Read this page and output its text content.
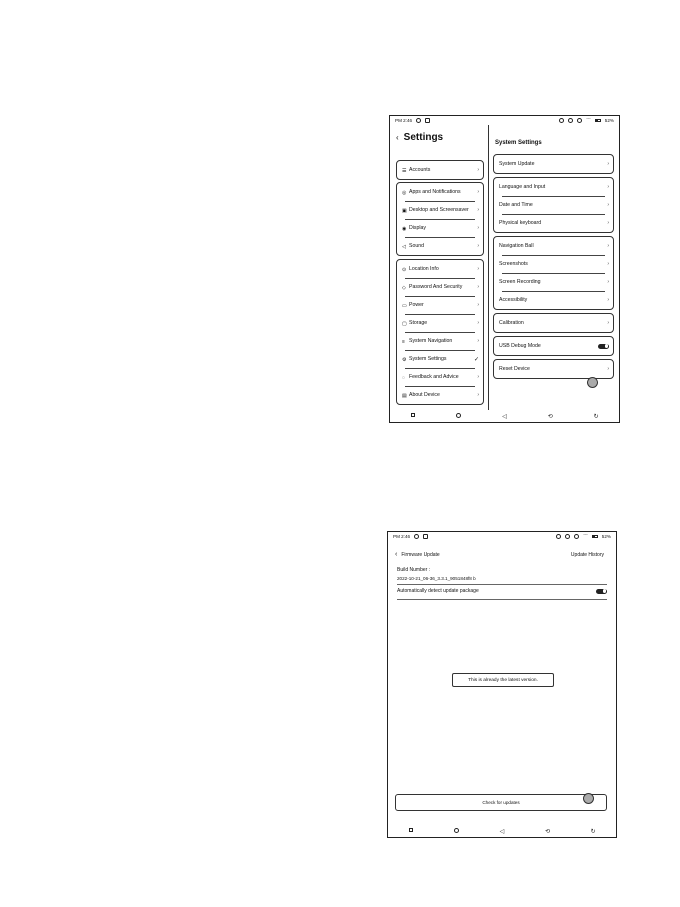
PM 2:46	⌒	52%
‹ Settings
☰ Accounts	›
◎ Apps and Notifications	›
▣ Desktop and Screensaver	›
◉ Display	›
◁ Sound	›
⊙ Location Info	›
◇ Password And Security	›
▭ Power	›
▢ Storage	›
≡ System Navigation	›
⚙ System Settings	✓
◌ Feedback and Advice	›
▤ About Device	›
System Settings
System Update	›
Language and Input	›
Date and Time	›
Physical keyboard	›
Navigation Ball	›
Screenshots	›
Screen Recording	›
Accessibility	›
Calibration	›
USB Debug Mode
Reset Device	›
◁	⟲	↻
PM 2:46	⌒	52%
‹ Firmware Update	Update History
Build Number :
2022-10-21_06-36_3.3.1_9051848f8 b
Automatically detect update package
This is already the latest version.
Check for updates
◁	⟲	↻
